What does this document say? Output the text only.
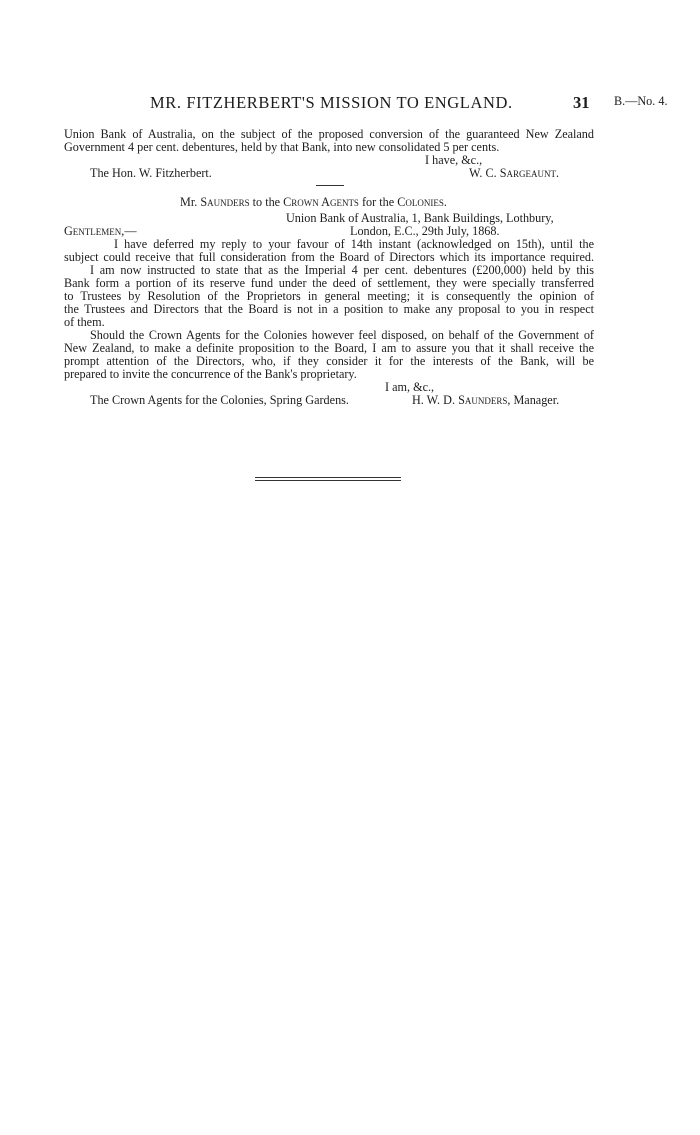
MR. FITZHERBERT'S MISSION TO ENGLAND.	31 B.—No. 4.
Union Bank of Australia, on the subject of the proposed conversion of the guaranteed New Zealand
Government 4 per cent. debentures, held by that Bank, into new consolidated 5 per cents.
I have, &c.,
The Hon. W. Fitzherbert.	W. C. Sargeaunt.
Mr. Saunders to the Crown Agents for the Colonies.
Union Bank of Australia, 1, Bank Buildings, Lothbury,
Gentlemen,—	London, E.C., 29th July, 1868.
I have deferred my reply to your favour of 14th instant (acknowledged on 15th), until the
subject could receive that full consideration from the Board of Directors which its importance required.
I am now instructed to state that as the Imperial 4 per cent. debentures (£200,000) held by this
Bank form a portion of its reserve fund under the deed of settlement, they were specially transferred
to Trustees by Resolution of the Proprietors in general meeting; it is consequently the opinion of
the Trustees and Directors that the Board is not in a position to make any proposal to you in respect
of them.
Should the Crown Agents for the Colonies however feel disposed, on behalf of the Government of
New Zealand, to make a definite proposition to the Board, I am to assure you that it shall receive the
prompt attention of the Directors, who, if they consider it for the interests of the Bank, will be
prepared to invite the concurrence of the Bank's proprietary.
I am, &c.,
The Crown Agents for the Colonies, Spring Gardens.	H. W. D. Saunders, Manager.
